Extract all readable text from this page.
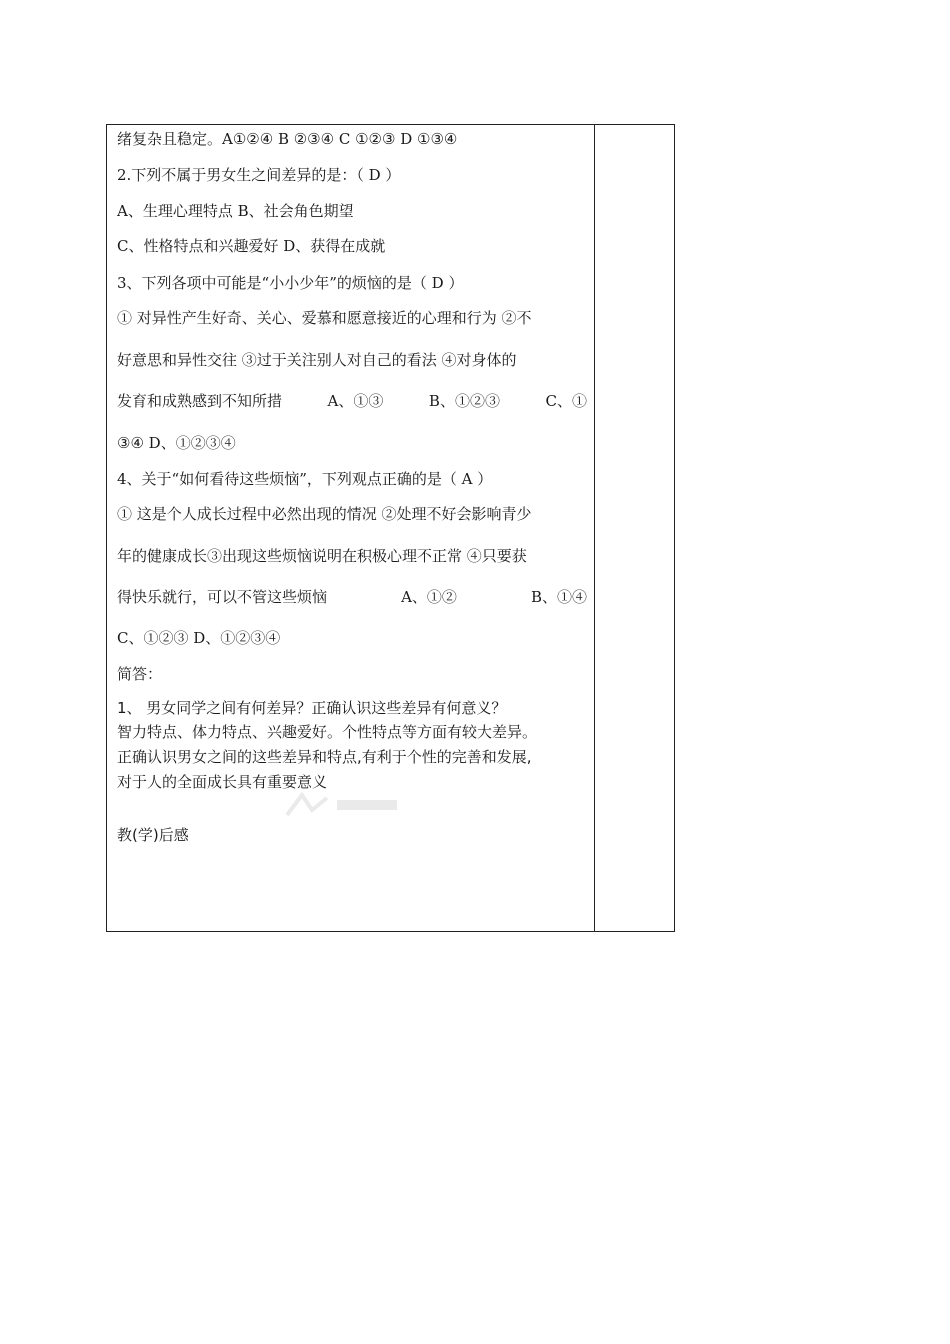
绪复杂且稳定。A①②④ B ②③④ C ①②③ D ①③④
2.下列不属于男女生之间差异的是：（ D ）
A、生理心理特点 B、社会角色期望
C、性格特点和兴趣爱好 D、获得在成就
3、下列各项中可能是“小小少年”的烦恼的是（ D ）
① 对异性产生好奇、关心、爱慕和愿意接近的心理和行为 ②不
好意思和异性交往 ③过于关注别人对自己的看法 ④对身体的
发育和成熟感到不知所措	A、①③	B、①②③	C、①
③④ D、①②③④
4、关于“如何看待这些烦恼”，下列观点正确的是（ A ）
① 这是个人成长过程中必然出现的情况 ②处理不好会影响青少
年的健康成长③出现这些烦恼说明在积极心理不正常 ④只要获
得快乐就行，可以不管这些烦恼	A、①②	B、①④
C、①②③ D、①②③④
简答：
1、 男女同学之间有何差异？正确认识这些差异有何意义？
智力特点、体力特点、兴趣爱好。个性特点等方面有较大差异。
正确认识男女之间的这些差异和特点,有利于个性的完善和发展,
对于人的全面成长具有重要意义
教(学)后感
